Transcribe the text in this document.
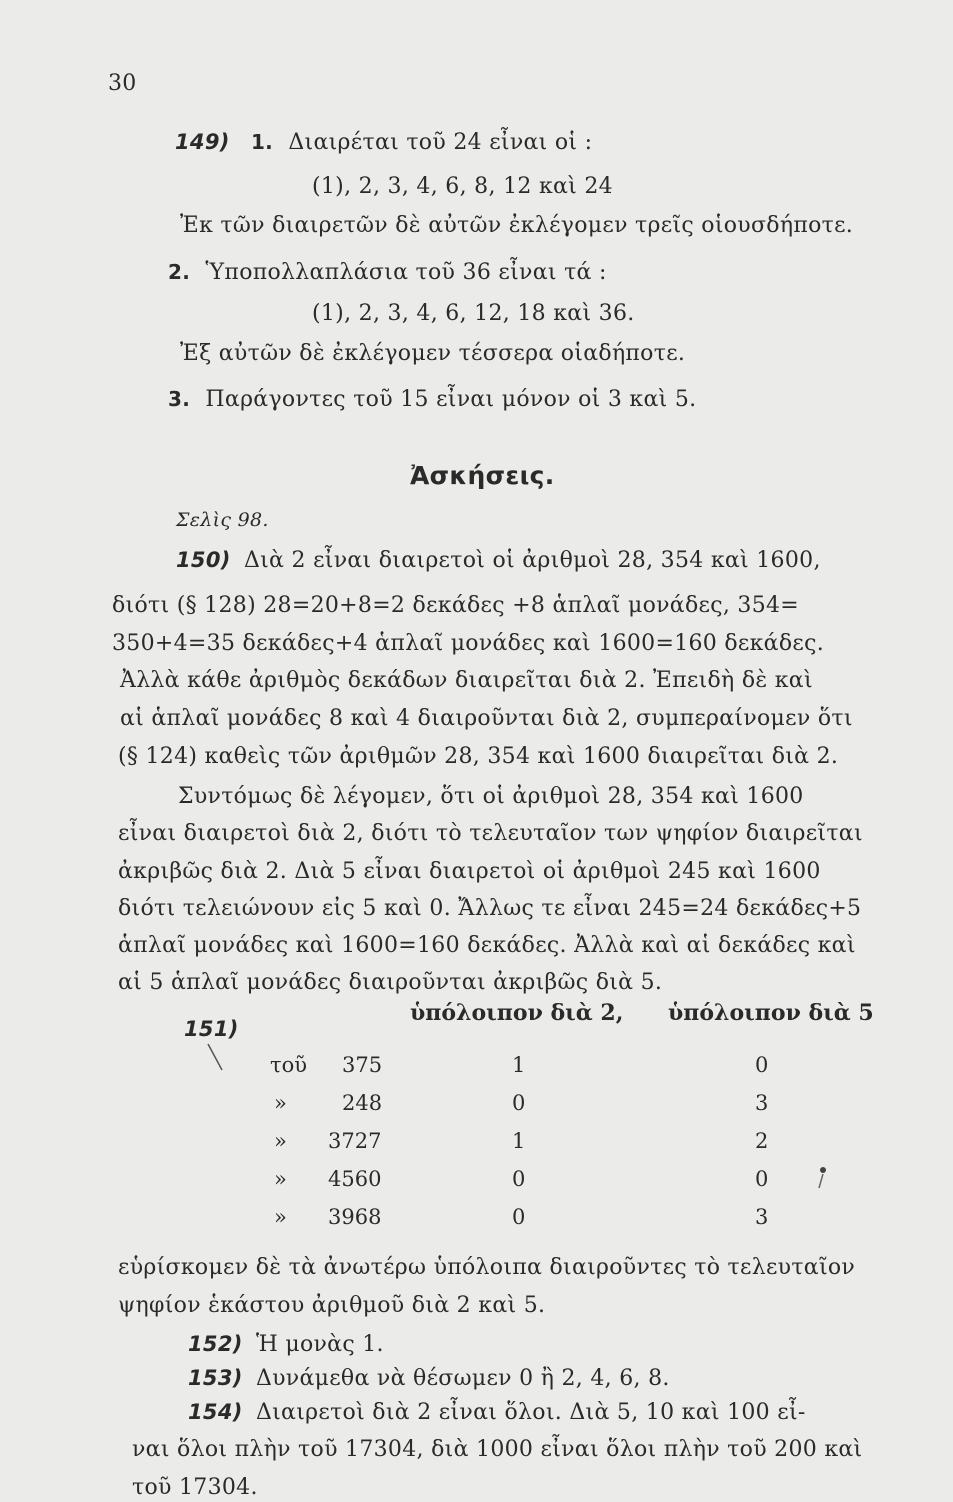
30
149) 1. Διαιρέται τοῦ 24 εἶναι οἱ :
(1), 2, 3, 4, 6, 8, 12 καὶ 24
Ἐκ τῶν διαιρετῶν δὲ αὐτῶν ἐκλέγομεν τρεῖς οἱουσδήποτε.
2. Ὑποπολλαπλάσια τοῦ 36 εἶναι τά :
(1), 2, 3, 4, 6, 12, 18 καὶ 36.
Ἐξ αὐτῶν δὲ ἐκλέγομεν τέσσερα οἱαδήποτε.
3. Παράγοντες τοῦ 15 εἶναι μόνον οἱ 3 καὶ 5.
Ἀσκήσεις.
Σελὶς 98.
150) Διὰ 2 εἶναι διαιρετοὶ οἱ ἀριθμοὶ 28, 354 καὶ 1600,
διότι (§ 128) 28=20+8=2 δεκάδες +8 ἁπλαῖ μονάδες, 354=
350+4=35 δεκάδες+4 ἁπλαῖ μονάδες καὶ 1600=160 δεκάδες.
Ἀλλὰ κάθε ἀριθμὸς δεκάδων διαιρεῖται διὰ 2. Ἐπειδὴ δὲ καὶ
αἱ ἁπλαῖ μονάδες 8 καὶ 4 διαιροῦνται διὰ 2, συμπεραίνομεν ὅτι
(§ 124) καθεὶς τῶν ἀριθμῶν 28, 354 καὶ 1600 διαιρεῖται διὰ 2.
Συντόμως δὲ λέγομεν, ὅτι οἱ ἀριθμοὶ 28, 354 καὶ 1600
εἶναι διαιρετοὶ διὰ 2, διότι τὸ τελευταῖον των ψηφίον διαιρεῖται
ἀκριβῶς διὰ 2. Διὰ 5 εἶναι διαιρετοὶ οἱ ἀριθμοὶ 245 καὶ 1600
διότι τελειώνουν εἰς 5 καὶ 0. Ἄλλως τε εἶναι 245=24 δεκάδες+5
ἁπλαῖ μονάδες καὶ 1600=160 δεκάδες. Ἀλλὰ καὶ αἱ δεκάδες καὶ
αἱ 5 ἁπλαῖ μονάδες διαιροῦνται ἀκριβῶς διὰ 5.
151)
ὑπόλοιπον διὰ 2, ὑπόλοιπον διὰ 5
τοῦ 375	1	0
»	248	0	3
» 3727	1	2
» 4560	0	0
» 3968	0	3
εὑρίσκομεν δὲ τὰ ἀνωτέρω ὑπόλοιπα διαιροῦντες τὸ τελευταῖον
ψηφίον ἑκάστου ἀριθμοῦ διὰ 2 καὶ 5.
152) Ἡ μονὰς 1.
153) Δυνάμεθα νὰ θέσωμεν 0 ἢ 2, 4, 6, 8.
154) Διαιρετοὶ διὰ 2 εἶναι ὅλοι. Διὰ 5, 10 καὶ 100 εἶ-
ναι ὅλοι πλὴν τοῦ 17304, διὰ 1000 εἶναι ὅλοι πλὴν τοῦ 200 καὶ
τοῦ 17304.
